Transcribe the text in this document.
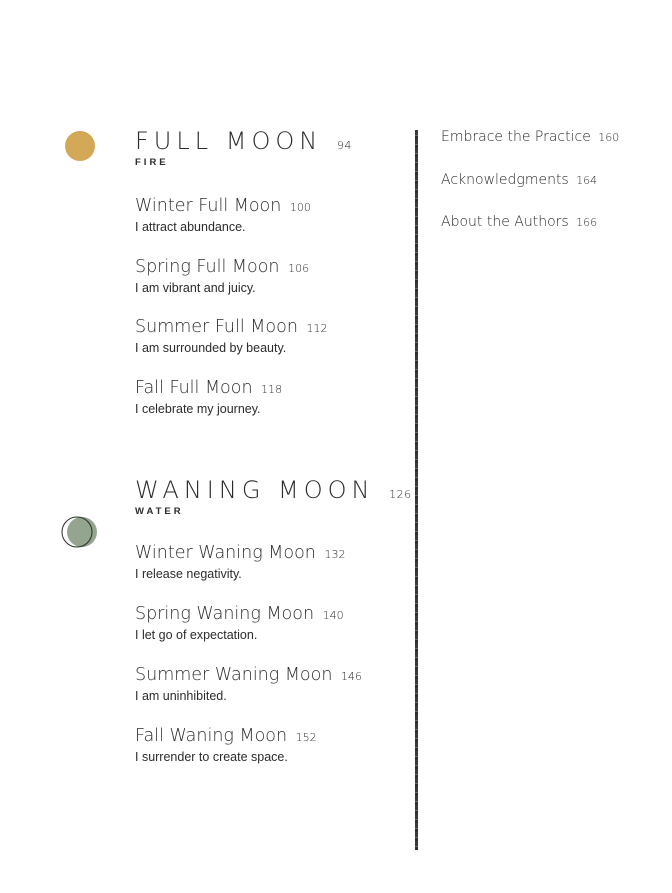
FULL MOON 94
FIRE
Winter Full Moon 100
I attract abundance.
Spring Full Moon 106
I am vibrant and juicy.
Summer Full Moon 112
I am surrounded by beauty.
Fall Full Moon 118
I celebrate my journey.
WANING MOON 126
WATER
Winter Waning Moon 132
I release negativity.
Spring Waning Moon 140
I let go of expectation.
Summer Waning Moon 146
I am uninhibited.
Fall Waning Moon 152
I surrender to create space.
Embrace the Practice 160
Acknowledgments 164
About the Authors 166
